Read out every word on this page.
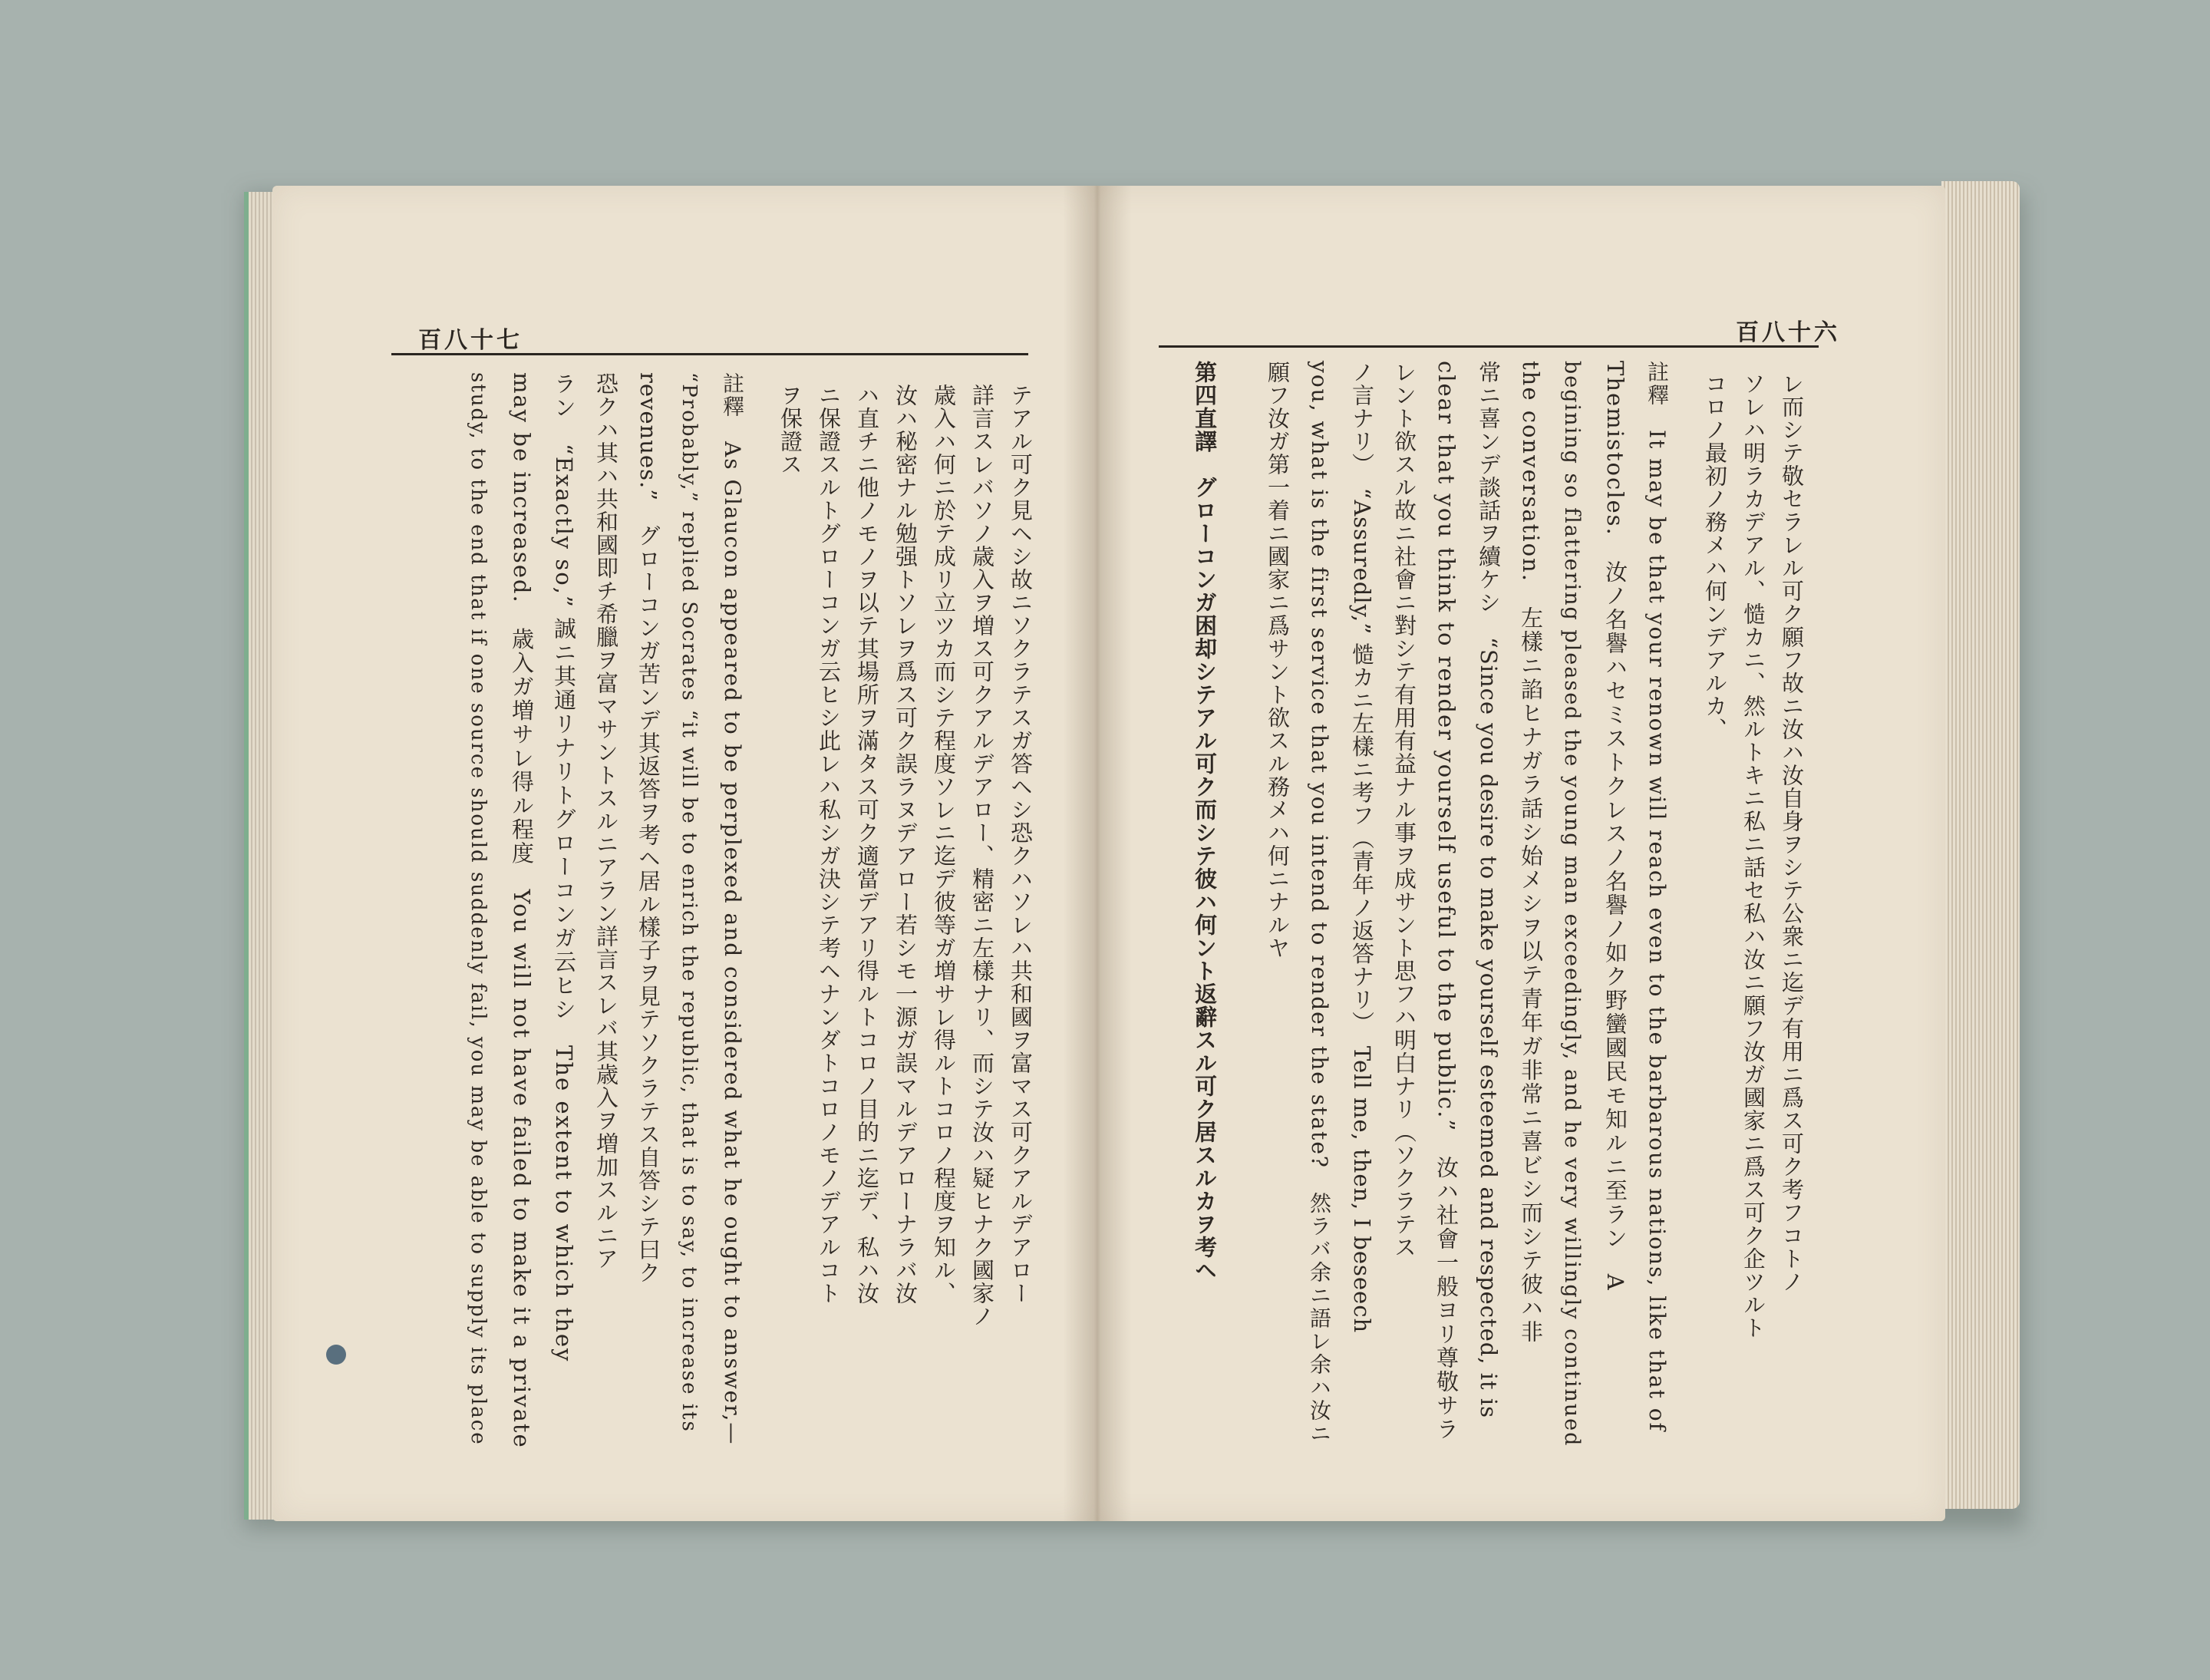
百八十七	百八十六
テアル可ク見ヘシ故ニソクラテスガ答ヘシ恐クハソレハ共和國ヲ富マス可クアルデアロー
詳言スレバソノ歳入ヲ増ス可クアルデアロー、精密ニ左樣ナリ、而シテ汝ハ疑ヒナク國家ノ
歳入ハ何ニ於テ成リ立ツカ而シテ程度ソレニ迄デ彼等ガ増サレ得ルトコロノ程度ヲ知ル、
汝ハ秘密ナル勉强トソレヲ爲ス可ク誤ラヌデアロー若シモ一源ガ誤マルデアローナラバ汝
ハ直チニ他ノモノヲ以テ其場所ヲ滿タス可ク適當デアリ得ルトコロノ目的ニ迄デ、私ハ汝
ニ保證スルトグローコンガ云ヒシ此レハ私シガ決シテ考ヘナンダトコロノモノデアルコト
ヲ保證ス
註釋　As Glaucon appeared to be perplexed and considered what he ought to answer,—
“Probably,” replied Socrates “it will be to enrich the republic, that is to say, to increase its
revenues.”　グローコンガ苦ンデ其返答ヲ考ヘ居ル樣子ヲ見テソクラテス自答シテ曰ク
恐クハ其ハ共和國即チ希臘ヲ富マサントスルニアラン詳言スレバ其歳入ヲ増加スルニア
ラン　“Exactly so,” 誠ニ其通リナリトグローコンガ云ヒシ　The extent to which they
may be increased.　歳入ガ増サレ得ル程度　You will not have failed to make it a private
study, to the end that if one source should suddenly fail, you may be able to supply its place	レ而シテ敬セラレル可ク願フ故ニ汝ハ汝自身ヲシテ公衆ニ迄デ有用ニ爲ス可ク考フコトノ
ソレハ明ラカデアル、慥カニ、然ルトキニ私ニ話セ私ハ汝ニ願フ汝ガ國家ニ爲ス可ク企ツルト
コロノ最初ノ務メハ何ンデアルカ、
註釋　It may be that your renown will reach even to the barbarous nations, like that of
Themistocles.　汝ノ名譽ハセミストクレスノ名譽ノ如ク野蠻國民モ知ルニ至ラン　A
begining so flattering pleased the young man exceedingly, and he very willingly continued
the conversation.　左樣ニ諂ヒナガラ話シ始メシヲ以テ青年ガ非常ニ喜ビシ而シテ彼ハ非
常ニ喜ンデ談話ヲ續ケシ　“Since you desire to make yourself esteemed and respected, it is
clear that you think to render yourself useful to the public.”　汝ハ社會一般ヨリ尊敬サラ
レント欲スル故ニ社會ニ對シテ有用有益ナル事ヲ成サント思フハ明白ナリ（ソクラテス
ノ言ナリ）　“Assuredly,” 慥カニ左樣ニ考フ（青年ノ返答ナリ）　Tell me, then, I beseech
you, what is the first service that you intend to render the state?　然ラバ余ニ語レ余ハ汝ニ
願フ汝ガ第一着ニ國家ニ爲サント欲スル務メハ何ニナルヤ
第四直譯　グローコンガ困却シテアル可ク而シテ彼ハ何ント返辭スル可ク居スルカヲ考ヘ
